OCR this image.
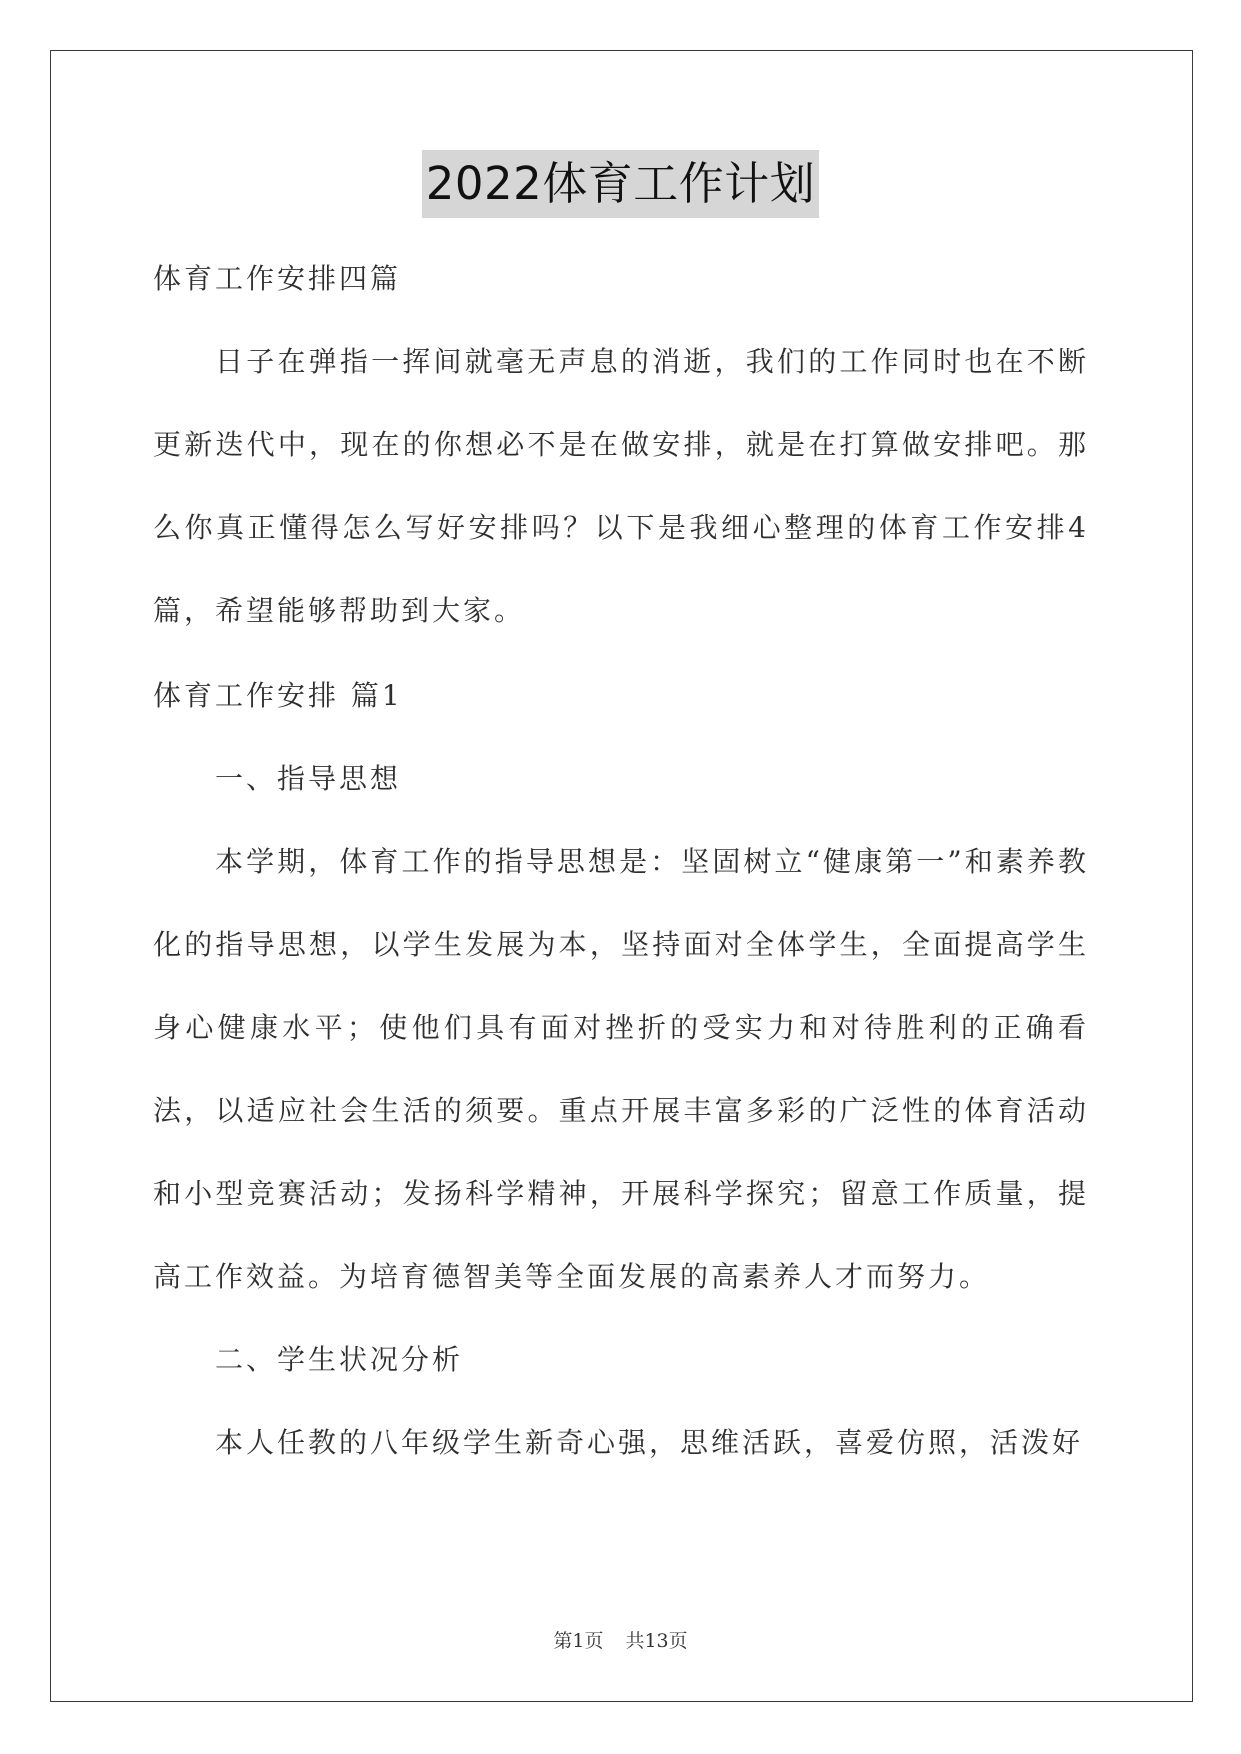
2022体育工作计划

体育工作安排四篇

日子在弹指一挥间就毫无声息的消逝，我们的工作同时也在不断更新迭代中，现在的你想必不是在做安排，就是在打算做安排吧。那么你真正懂得怎么写好安排吗？以下是我细心整理的体育工作安排4篇，希望能够帮助到大家。

体育工作安排 篇1

一、指导思想

本学期，体育工作的指导思想是：坚固树立“健康第一”和素养教化的指导思想，以学生发展为本，坚持面对全体学生，全面提高学生身心健康水平；使他们具有面对挫折的受实力和对待胜利的正确看法，以适应社会生活的须要。重点开展丰富多彩的广泛性的体育活动和小型竞赛活动；发扬科学精神，开展科学探究；留意工作质量，提高工作效益。为培育德智美等全面发展的高素养人才而努力。

二、学生状况分析

本人任教的八年级学生新奇心强，思维活跃，喜爱仿照，活泼好

第1页 共13页
